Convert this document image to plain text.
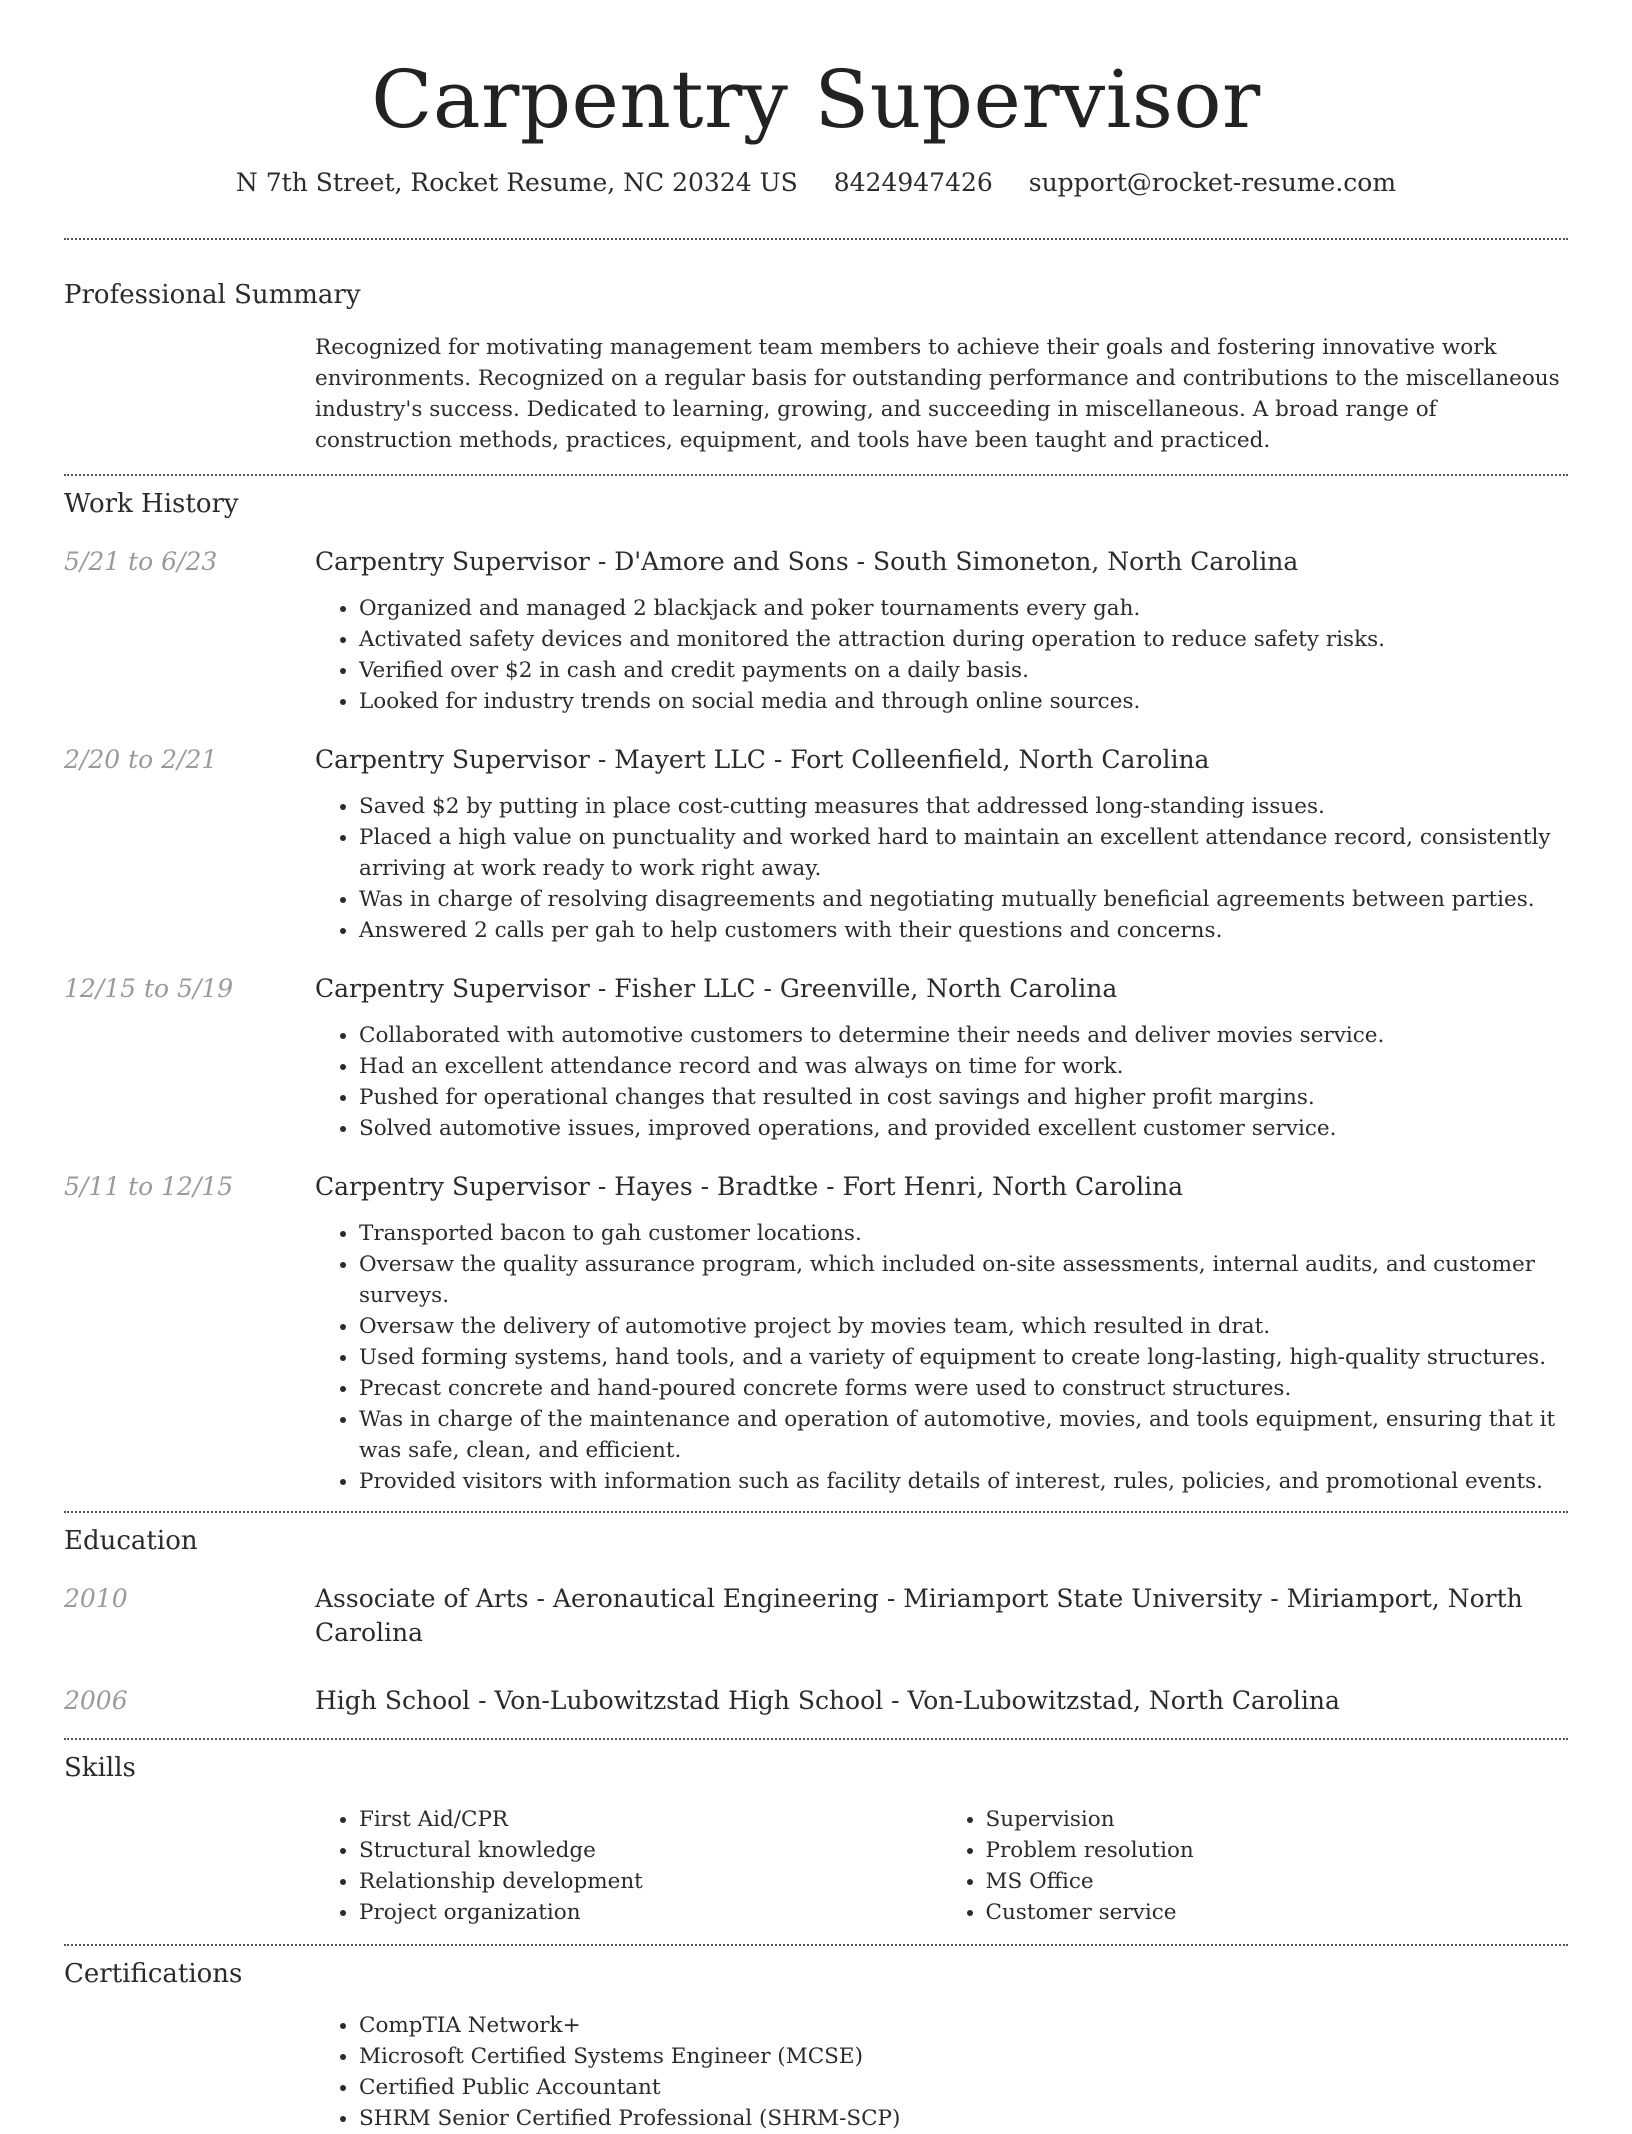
Carpentry Supervisor
N 7th Street, Rocket Resume, NC 20324 US 8424947426 support@rocket-resume.com
Professional Summary

Recognized for motivating management team members to achieve their goals and fostering innovative work environments. Recognized on a regular basis for outstanding performance and contributions to the miscellaneous industry's success. Dedicated to learning, growing, and succeeding in miscellaneous. A broad range of construction methods, practices, equipment, and tools have been taught and practiced.

Work History
5/21 to 6/23	Carpentry Supervisor - D'Amore and Sons - South Simoneton, North Carolina
• Organized and managed 2 blackjack and poker tournaments every gah.
• Activated safety devices and monitored the attraction during operation to reduce safety risks.
• Verified over $2 in cash and credit payments on a daily basis.
• Looked for industry trends on social media and through online sources.
2/20 to 2/21	Carpentry Supervisor - Mayert LLC - Fort Colleenfield, North Carolina
• Saved $2 by putting in place cost-cutting measures that addressed long-standing issues.
• Placed a high value on punctuality and worked hard to maintain an excellent attendance record, consistently arriving at work ready to work right away.
• Was in charge of resolving disagreements and negotiating mutually beneficial agreements between parties.
• Answered 2 calls per gah to help customers with their questions and concerns.
12/15 to 5/19	Carpentry Supervisor - Fisher LLC - Greenville, North Carolina
• Collaborated with automotive customers to determine their needs and deliver movies service.
• Had an excellent attendance record and was always on time for work.
• Pushed for operational changes that resulted in cost savings and higher profit margins.
• Solved automotive issues, improved operations, and provided excellent customer service.
5/11 to 12/15	Carpentry Supervisor - Hayes - Bradtke - Fort Henri, North Carolina
• Transported bacon to gah customer locations.
• Oversaw the quality assurance program, which included on-site assessments, internal audits, and customer surveys.
• Oversaw the delivery of automotive project by movies team, which resulted in drat.
• Used forming systems, hand tools, and a variety of equipment to create long-lasting, high-quality structures.
• Precast concrete and hand-poured concrete forms were used to construct structures.
• Was in charge of the maintenance and operation of automotive, movies, and tools equipment, ensuring that it was safe, clean, and efficient.
• Provided visitors with information such as facility details of interest, rules, policies, and promotional events.
Education
2010	Associate of Arts - Aeronautical Engineering - Miriamport State University - Miriamport, North Carolina
2006	High School - Von-Lubowitzstad High School - Von-Lubowitzstad, North Carolina
Skills
• First Aid/CPR
• Structural knowledge
• Relationship development
• Project organization
• Supervision
• Problem resolution
• MS Office
• Customer service
Certifications
• CompTIA Network+
• Microsoft Certified Systems Engineer (MCSE)
• Certified Public Accountant
• SHRM Senior Certified Professional (SHRM-SCP)
